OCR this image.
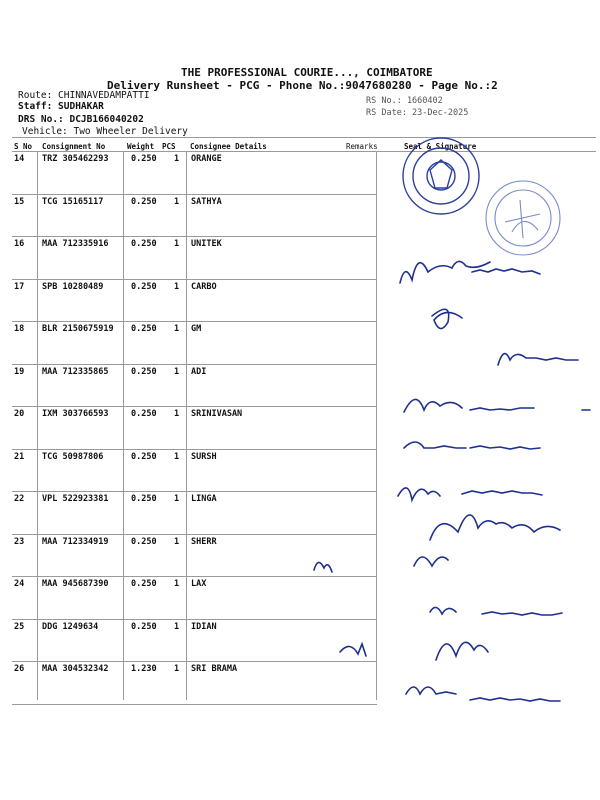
THE PROFESSIONAL COURIE..., COIMBATORE
Delivery Runsheet - PCG - Phone No.:9047680280 - Page No.:2
Route: CHINNAVEDAMPATTI
Staff: SUDHAKAR
DRS No.: DCJB166040202
Vehicle: Two Wheeler Delivery
RS No.: 1660402
RS Date: 23-Dec-2025
S No Consignment No	Weight PCS Consignee Details	Remarks	Seal & Signature
14 TRZ 305462293	0.250 1 ORANGE
15 TCG 15165117	0.250 1 SATHYA
16 MAA 712335916	0.250 1 UNITEK
17 SPB 10280489	0.250 1 CARBO
18 BLR 2150675919 0.250 1 GM
19 MAA 712335865	0.250 1 ADI
20 IXM 303766593	0.250 1 SRINIVASAN
21 TCG 50987806	0.250 1 SURSH
22 VPL 522923381	0.250 1 LINGA
23 MAA 712334919	0.250 1 SHERR
24 MAA 945687390	0.250 1 LAX
25 DDG 1249634	0.250 1 IDIAN
26 MAA 304532342	1.230 1 SRI BRAMA
